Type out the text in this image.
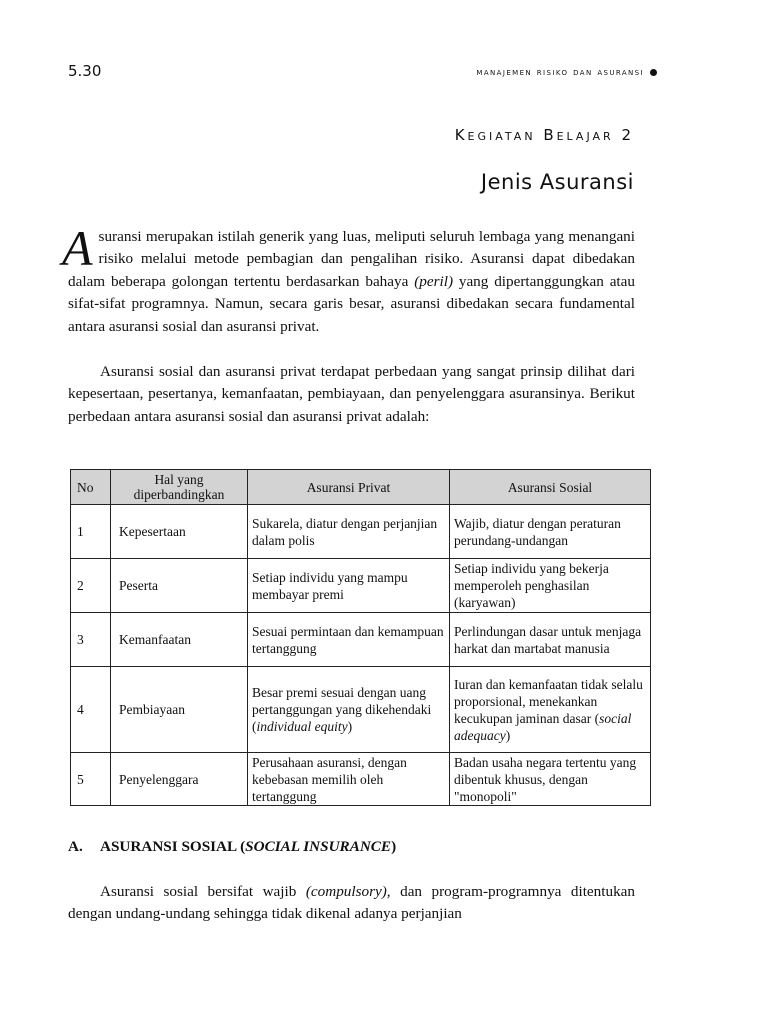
5.30	manajemen risiko dan asuransi
Kegiatan Belajar 2
Jenis Asuransi
Asuransi merupakan istilah generik yang luas, meliputi seluruh lembaga yang menangani risiko melalui metode pembagian dan pengalihan risiko. Asuransi dapat dibedakan dalam beberapa golongan tertentu berdasarkan bahaya (peril) yang dipertanggungkan atau sifat-sifat programnya. Namun, secara garis besar, asuransi dibedakan secara fundamental antara asuransi sosial dan asuransi privat.
Asuransi sosial dan asuransi privat terdapat perbedaan yang sangat prinsip dilihat dari kepesertaan, pesertanya, kemanfaatan, pembiayaan, dan penyelenggara asuransinya. Berikut perbedaan antara asuransi sosial dan asuransi privat adalah:
No	Hal yang diperbandingkan	Asuransi Privat	Asuransi Sosial
1	Kepesertaan	Sukarela, diatur dengan perjanjian dalam polis	Wajib, diatur dengan peraturan perundang-undangan
2	Peserta	Setiap individu yang mampu membayar premi	Setiap individu yang bekerja memperoleh penghasilan (karyawan)
3	Kemanfaatan	Sesuai permintaan dan kemampuan tertanggung	Perlindungan dasar untuk menjaga harkat dan martabat manusia
4	Pembiayaan	Besar premi sesuai dengan uang pertanggungan yang dikehendaki (individual equity)	Iuran dan kemanfaatan tidak selalu proporsional, menekankan kecukupan jaminan dasar (social adequacy)
5	Penyelenggara	Perusahaan asuransi, dengan kebebasan memilih oleh tertanggung	Badan usaha negara tertentu yang dibentuk khusus, dengan "monopoli"
A. ASURANSI SOSIAL (SOCIAL INSURANCE)
Asuransi sosial bersifat wajib (compulsory), dan program-programnya ditentukan dengan undang-undang sehingga tidak dikenal adanya perjanjian
